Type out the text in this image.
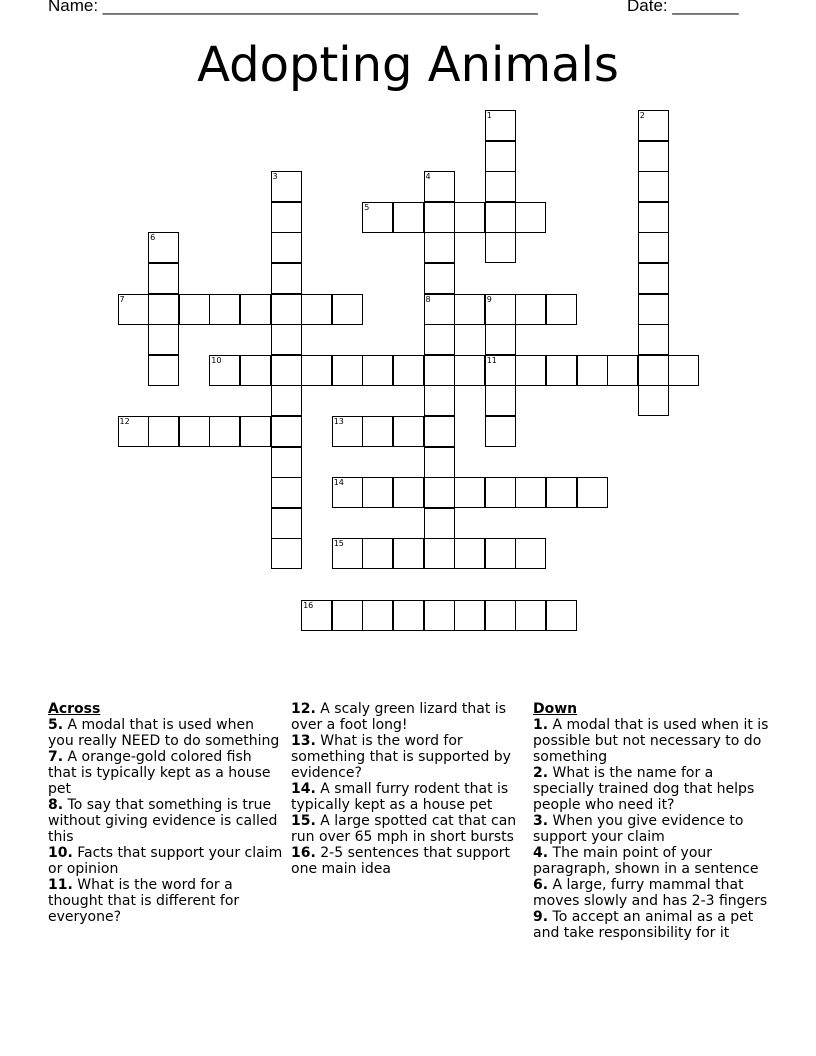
Name: ______________________________________________	Date: _______
Adopting Animals
1	2
3	4
8
5
6
7	9
11
10
12	13
14
15
16
Across
5. A modal that is used when you really NEED to do something
7. A orange-gold colored fish that is typically kept as a house pet
8. To say that something is true without giving evidence is called this
10. Facts that support your claim or opinion
11. What is the word for a thought that is different for everyone?
12. A scaly green lizard that is over a foot long!
13. What is the word for something that is supported by evidence?
14. A small furry rodent that is typically kept as a house pet
15. A large spotted cat that can run over 65 mph in short bursts
16. 2-5 sentences that support one main idea
Down
1. A modal that is used when it is possible but not necessary to do something
2. What is the name for a specially trained dog that helps people who need it?
3. When you give evidence to support your claim
4. The main point of your paragraph, shown in a sentence
6. A large, furry mammal that moves slowly and has 2-3 fingers
9. To accept an animal as a pet and take responsibility for it
